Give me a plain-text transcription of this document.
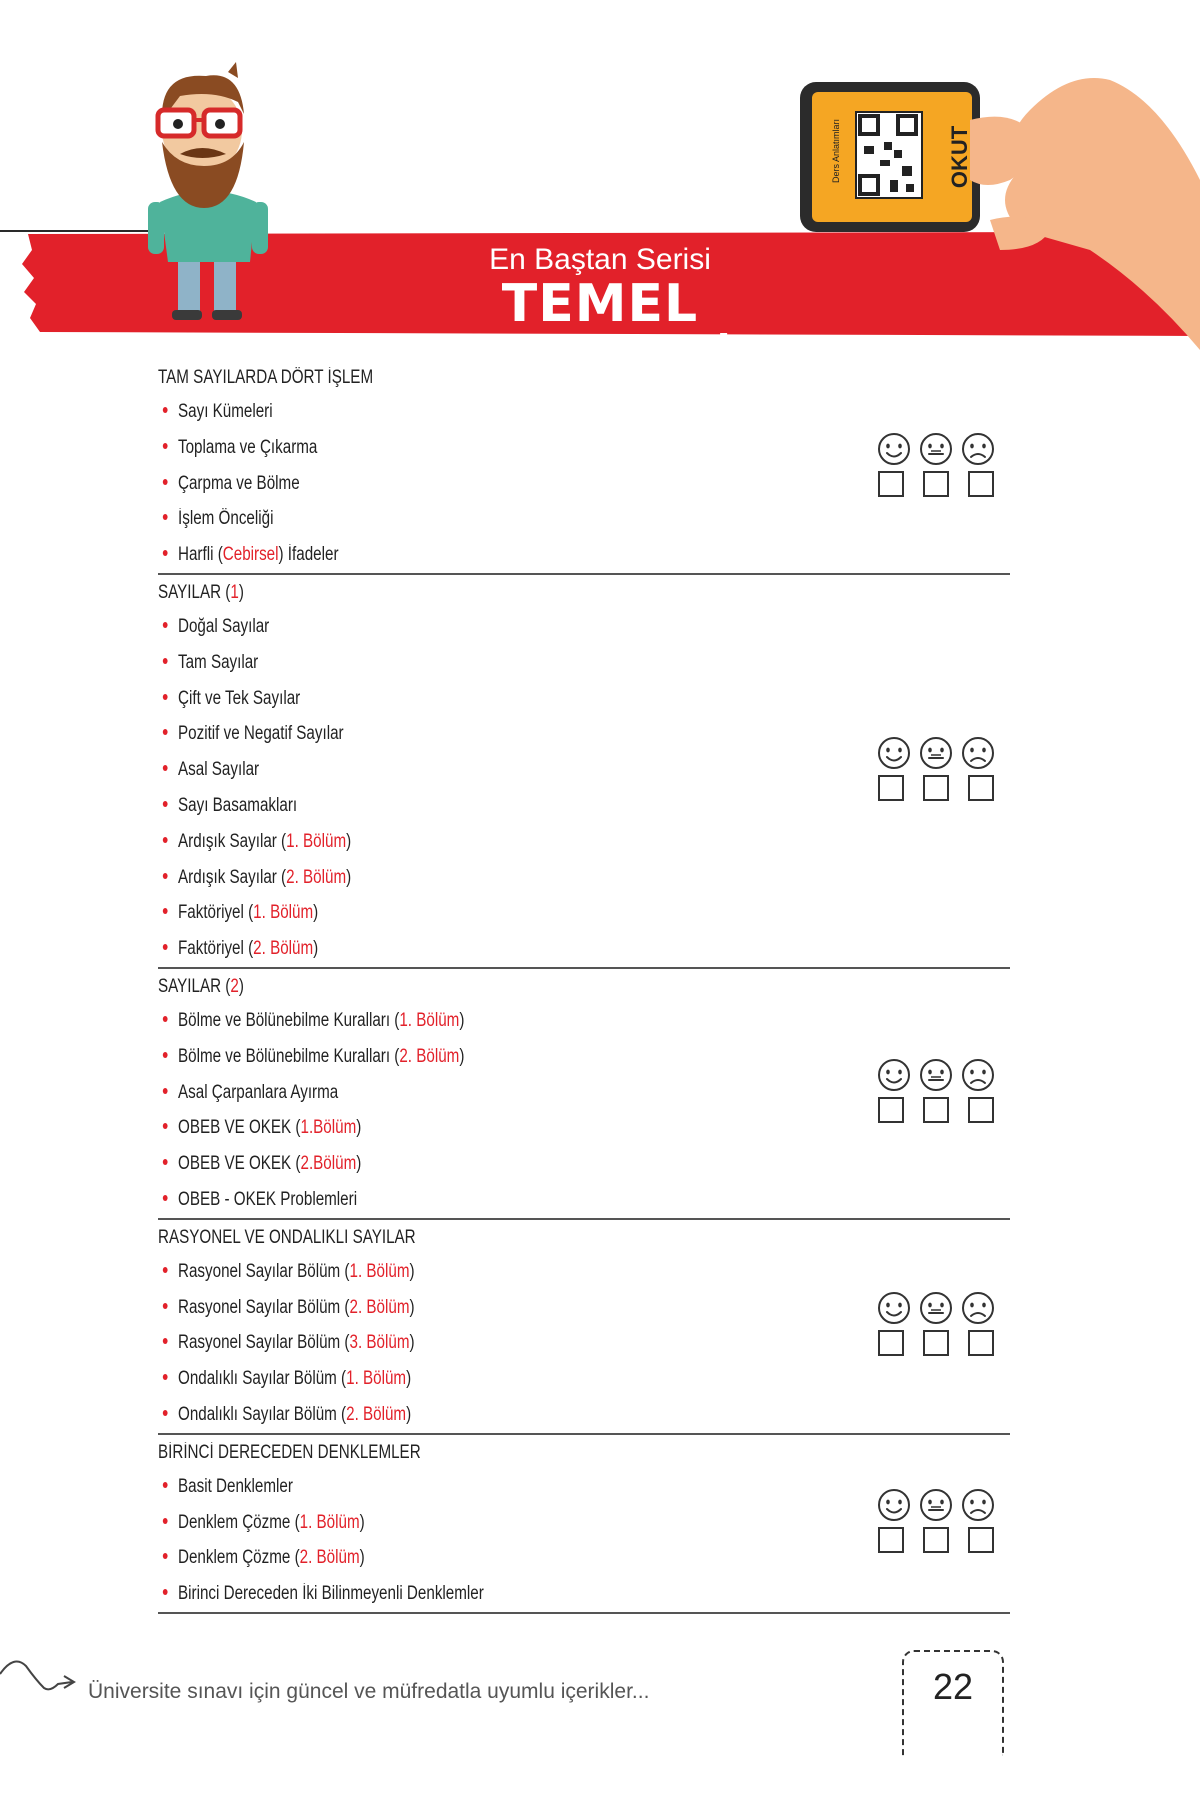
En Baştan Serisi
TEMEL MATEMATİK
Ders Anlatımları	OKUT
TAM SAYILARDA DÖRT İŞLEM
Sayı Kümeleri
Toplama ve Çıkarma
Çarpma ve Bölme
İşlem Önceliği
Harfli (Cebirsel) İfadeler
SAYILAR (1)
Doğal Sayılar
Tam Sayılar
Çift ve Tek Sayılar
Pozitif ve Negatif Sayılar
Asal Sayılar
Sayı Basamakları
Ardışık Sayılar (1. Bölüm)
Ardışık Sayılar (2. Bölüm)
Faktöriyel (1. Bölüm)
Faktöriyel (2. Bölüm)
SAYILAR (2)
Bölme ve Bölünebilme Kuralları (1. Bölüm)
Bölme ve Bölünebilme Kuralları (2. Bölüm)
Asal Çarpanlara Ayırma
OBEB VE OKEK (1.Bölüm)
OBEB VE OKEK (2.Bölüm)
OBEB - OKEK Problemleri
RASYONEL VE ONDALIKLI SAYILAR
Rasyonel Sayılar Bölüm (1. Bölüm)
Rasyonel Sayılar Bölüm (2. Bölüm)
Rasyonel Sayılar Bölüm (3. Bölüm)
Ondalıklı Sayılar Bölüm (1. Bölüm)
Ondalıklı Sayılar Bölüm (2. Bölüm)
BİRİNCİ DERECEDEN DENKLEMLER
Basit Denklemler
Denklem Çözme (1. Bölüm)
Denklem Çözme (2. Bölüm)
Birinci Dereceden İki Bilinmeyenli Denklemler
Üniversite sınavı için güncel ve müfredatla uyumlu içerikler...	22
